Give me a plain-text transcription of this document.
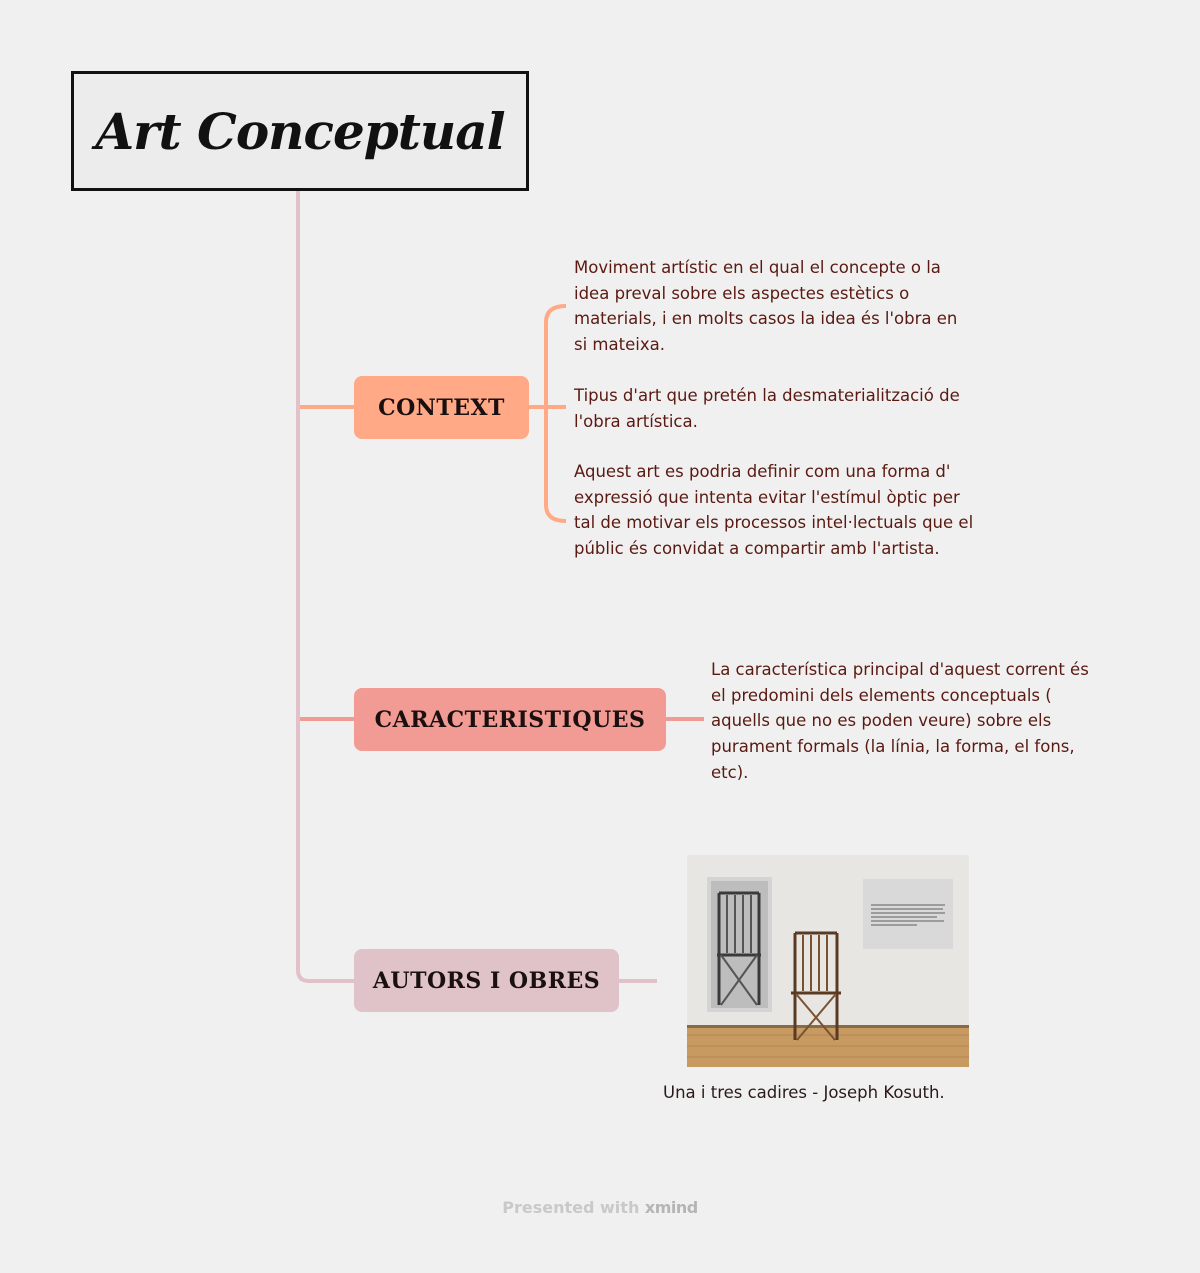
Art Conceptual
CONTEXT
CARACTERISTIQUES
AUTORS I OBRES
Moviment artístic en el qual el concepte o la idea preval sobre els aspectes estètics o materials, i en molts casos la idea és l'obra en si mateixa.
Tipus d'art que pretén la desmaterialització de l'obra artística.
Aquest art es podria definir com una forma d' expressió que intenta evitar l'estímul òptic per tal de motivar els processos intel·lectuals que el públic és convidat a compartir amb l'artista.
La característica principal d'aquest corrent és el predomini dels elements conceptuals ( aquells que no es poden veure) sobre els purament formals (la línia, la forma, el fons, etc).
Una i tres cadires - Joseph Kosuth.
Presented with xmind
